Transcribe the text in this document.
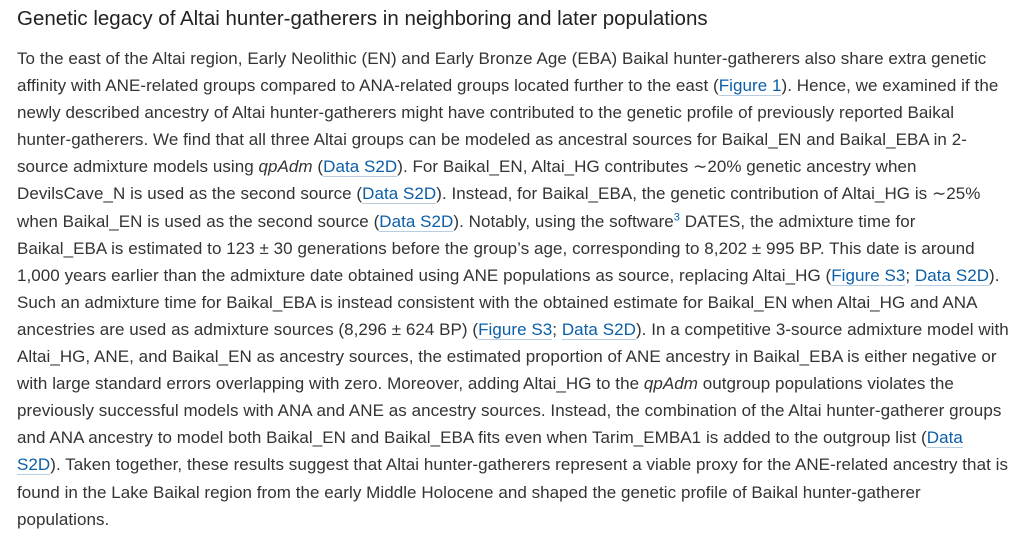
Genetic legacy of Altai hunter-gatherers in neighboring and later populations

To the east of the Altai region, Early Neolithic (EN) and Early Bronze Age (EBA) Baikal hunter-gatherers also share extra genetic affinity with ANE-related groups compared to ANA-related groups located further to the east (Figure 1). Hence, we examined if the newly described ancestry of Altai hunter-gatherers might have contributed to the genetic profile of previously reported Baikal hunter-gatherers. We find that all three Altai groups can be modeled as ancestral sources for Baikal_EN and Baikal_EBA in 2-source admixture models using qpAdm (Data S2D). For Baikal_EN, Altai_HG contributes ∼20% genetic ancestry when DevilsCave_N is used as the second source (Data S2D). Instead, for Baikal_EBA, the genetic contribution of Altai_HG is ∼25% when Baikal_EN is used as the second source (Data S2D). Notably, using the software$^3$ DATES, the admixture time for Baikal_EBA is estimated to 123 ± 30 generations before the group’s age, corresponding to 8,202 ± 995 BP. This date is around 1,000 years earlier than the admixture date obtained using ANE populations as source, replacing Altai_HG (Figure S3; Data S2D). Such an admixture time for Baikal_EBA is instead consistent with the obtained estimate for Baikal_EN when Altai_HG and ANA ancestries are used as admixture sources (8,296 ± 624 BP) (Figure S3; Data S2D). In a competitive 3-source admixture model with Altai_HG, ANE, and Baikal_EN as ancestry sources, the estimated proportion of ANE ancestry in Baikal_EBA is either negative or with large standard errors overlapping with zero. Moreover, adding Altai_HG to the qpAdm outgroup populations violates the previously successful models with ANA and ANE as ancestry sources. Instead, the combination of the Altai hunter-gatherer groups and ANA ancestry to model both Baikal_EN and Baikal_EBA fits even when Tarim_EMBA1 is added to the outgroup list (Data S2D). Taken together, these results suggest that Altai hunter-gatherers represent a viable proxy for the ANE-related ancestry that is found in the Lake Baikal region from the early Middle Holocene and shaped the genetic profile of Baikal hunter-gatherer populations.
